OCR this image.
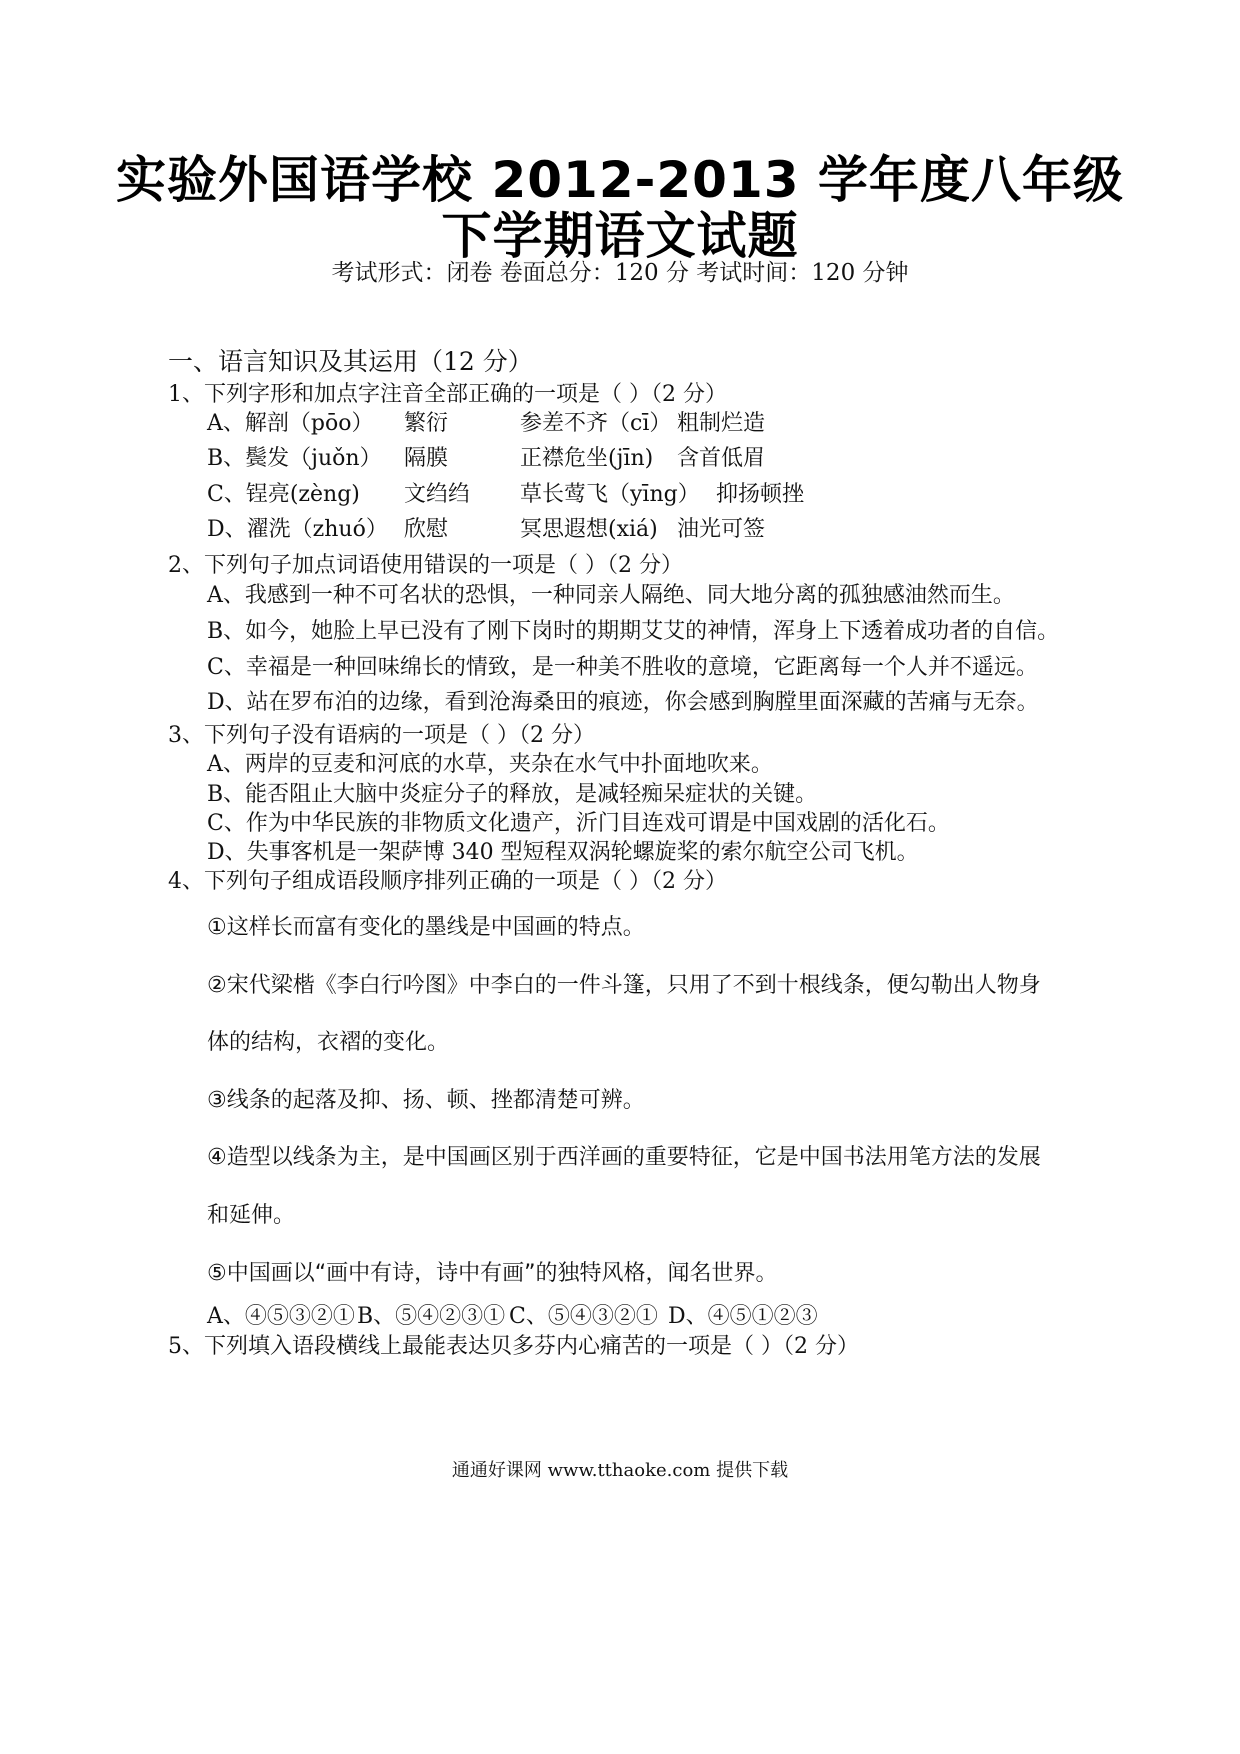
实验外国语学校 2012-2013 学年度八年级
下学期语文试题
考试形式：闭卷 卷面总分：120 分 考试时间：120 分钟
一、语言知识及其运用（12 分）
1、下列字形和加点字注音全部正确的一项是（ ）（2 分）
A、解剖（pōo） 繁衍	参差不齐（cī） 粗制烂造
B、鬓发（juǒn） 隔膜	正襟危坐(jīn) 含首低眉
C、锃亮(zèng) 文绉绉 草长莺飞（yīng） 抑扬顿挫
D、濯洗（zhuó） 欣慰	冥思遐想(xiá) 油光可签
2、下列句子加点词语使用错误的一项是（ ）（2 分）
A、我感到一种不可名状的恐惧，一种同亲人隔绝、同大地分离的孤独感油然而生。
B、如今，她脸上早已没有了刚下岗时的期期艾艾的神情，浑身上下透着成功者的自信。
C、幸福是一种回味绵长的情致，是一种美不胜收的意境，它距离每一个人并不遥远。
D、站在罗布泊的边缘，看到沧海桑田的痕迹，你会感到胸膛里面深藏的苦痛与无奈。
3、下列句子没有语病的一项是（ ）（2 分）
A、两岸的豆麦和河底的水草，夹杂在水气中扑面地吹来。
B、能否阻止大脑中炎症分子的释放，是减轻痴呆症状的关键。
C、作为中华民族的非物质文化遗产，沂门目连戏可谓是中国戏剧的活化石。
D、失事客机是一架萨博 340 型短程双涡轮螺旋桨的索尔航空公司飞机。
4、下列句子组成语段顺序排列正确的一项是（ ）（2 分）
①这样长而富有变化的墨线是中国画的特点。
②宋代梁楷《李白行吟图》中李白的一件斗篷，只用了不到十根线条，便勾勒出人物身
体的结构，衣褶的变化。
③线条的起落及抑、扬、顿、挫都清楚可辨。
④造型以线条为主，是中国画区别于西洋画的重要特征，它是中国书法用笔方法的发展
和延伸。
⑤中国画以“画中有诗，诗中有画”的独特风格，闻名世界。
A、④⑤③②① B、⑤④②③① C、⑤④③②① D、④⑤①②③
5、下列填入语段横线上最能表达贝多芬内心痛苦的一项是（ ）（2 分）
通通好课网 www.tthaoke.com 提供下载
